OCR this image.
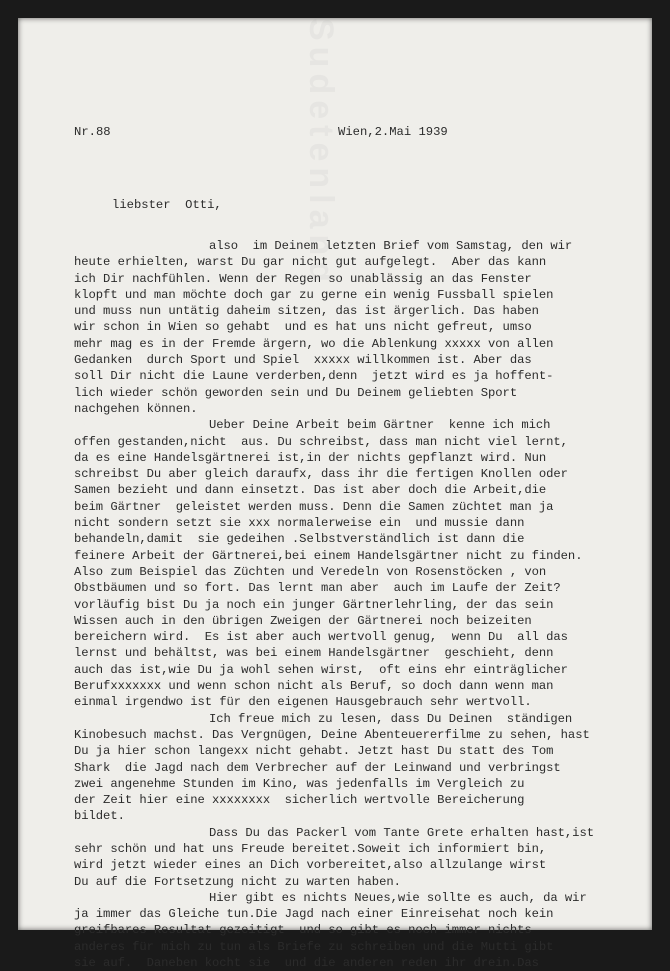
Sudetenland
Nr.88	Wien,2.Mai 1939
liebster  Otti,
also  im Deinem letzten Brief vom Samstag, den wir
heute erhielten, warst Du gar nicht gut aufgelegt.  Aber das kann
ich Dir nachfühlen. Wenn der Regen so unablässig an das Fenster
klopft und man möchte doch gar zu gerne ein wenig Fussball spielen
und muss nun untätig daheim sitzen, das ist ärgerlich. Das haben
wir schon in Wien so gehabt  und es hat uns nicht gefreut, umso
mehr mag es in der Fremde ärgern, wo die Ablenkung xxxxx von allen
Gedanken  durch Sport und Spiel  xxxxx willkommen ist. Aber das
soll Dir nicht die Laune verderben,denn  jetzt wird es ja hoffent-
lich wieder schön geworden sein und Du Deinem geliebten Sport
nachgehen können.
Ueber Deine Arbeit beim Gärtner  kenne ich mich
offen gestanden,nicht  aus. Du schreibst, dass man nicht viel lernt,
da es eine Handelsgärtnerei ist,in der nichts gepflanzt wird. Nun
schreibst Du aber gleich daraufx, dass ihr die fertigen Knollen oder
Samen bezieht und dann einsetzt. Das ist aber doch die Arbeit,die
beim Gärtner  geleistet werden muss. Denn die Samen züchtet man ja
nicht sondern setzt sie xxx normalerweise ein  und mussie dann
behandeln,damit  sie gedeihen .Selbstverständlich ist dann die
feinere Arbeit der Gärtnerei,bei einem Handelsgärtner nicht zu finden.
Also zum Beispiel das Züchten und Veredeln von Rosenstöcken , von
Obstbäumen und so fort. Das lernt man aber  auch im Laufe der Zeit?
vorläufig bist Du ja noch ein junger Gärtnerlehrling, der das sein
Wissen auch in den übrigen Zweigen der Gärtnerei noch beizeiten
bereichern wird.  Es ist aber auch wertvoll genug,  wenn Du  all das
lernst und behältst, was bei einem Handelsgärtner  geschieht, denn
auch das ist,wie Du ja wohl sehen wirst,  oft eins ehr einträglicher
Berufxxxxxxx und wenn schon nicht als Beruf, so doch dann wenn man
einmal irgendwo ist für den eigenen Hausgebrauch sehr wertvoll.
Ich freue mich zu lesen, dass Du Deinen  ständigen
Kinobesuch machst. Das Vergnügen, Deine Abenteuererfilme zu sehen, hast
Du ja hier schon langexx nicht gehabt. Jetzt hast Du statt des Tom
Shark  die Jagd nach dem Verbrecher auf der Leinwand und verbringst
zwei angenehme Stunden im Kino, was jedenfalls im Vergleich zu
der Zeit hier eine xxxxxxxx  sicherlich wertvolle Bereicherung
bildet.
Dass Du das Packerl vom Tante Grete erhalten hast,ist
sehr schön und hat uns Freude bereitet.Soweit ich informiert bin,
wird jetzt wieder eines an Dich vorbereitet,also allzulange wirst
Du auf die Fortsetzung nicht zu warten haben.
Hier gibt es nichts Neues,wie sollte es auch, da wir
ja immer das Gleiche tun.Die Jagd nach einer Einreisehat noch kein
greifbares Resultat gezeitigt  und so gibt es noch immer nichts
anderes für mich zu tun als Briefe zu schreiben und die Mutti gibt
sie auf.  Daneben kocht sie  und die anderen reden ihr drein.Das
